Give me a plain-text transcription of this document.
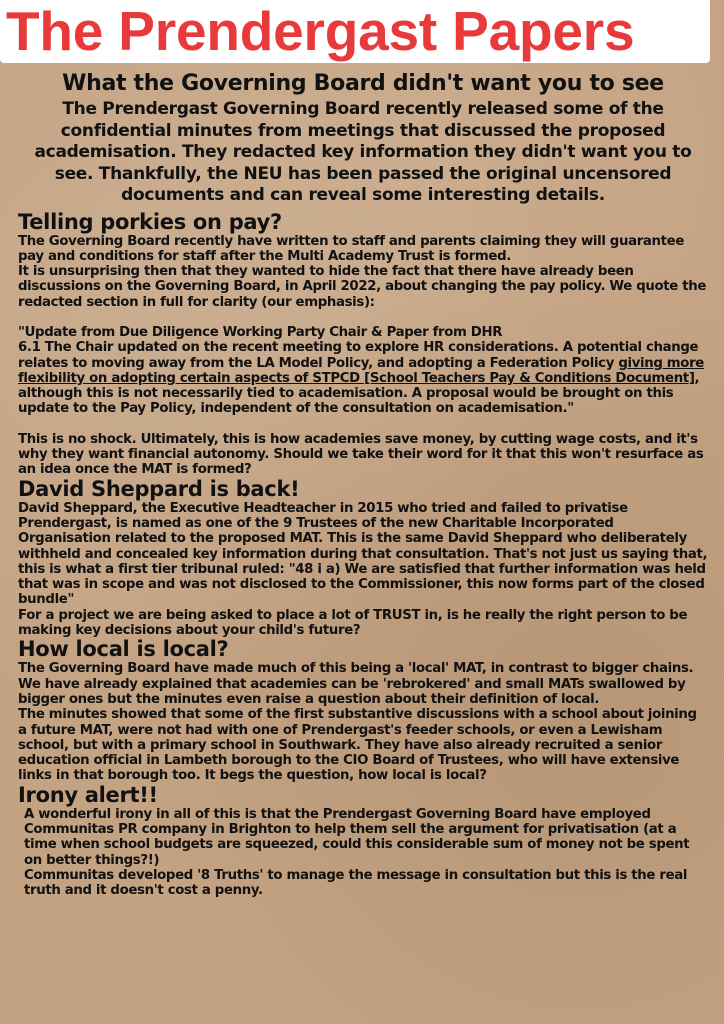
The Prendergast Papers
What the Governing Board didn't want you to see
The Prendergast Governing Board recently released some of the confidential minutes from meetings that discussed the proposed academisation. They redacted key information they didn't want you to see. Thankfully, the NEU has been passed the original uncensored documents and can reveal some interesting details.
Telling porkies on pay?

The Governing Board recently have written to staff and parents claiming they will guarantee pay and conditions for staff after the Multi Academy Trust is formed.

It is unsurprising then that they wanted to hide the fact that there have already been discussions on the Governing Board, in April 2022, about changing the pay policy. We quote the redacted section in full for clarity (our emphasis):

"Update from Due Diligence Working Party Chair & Paper from DHR

6.1 The Chair updated on the recent meeting to explore HR considerations. A potential change relates to moving away from the LA Model Policy, and adopting a Federation Policy giving more flexibility on adopting certain aspects of STPCD [School Teachers Pay & Conditions Document], although this is not necessarily tied to academisation. A proposal would be brought on this update to the Pay Policy, independent of the consultation on academisation."

This is no shock. Ultimately, this is how academies save money, by cutting wage costs, and it's why they want financial autonomy. Should we take their word for it that this won't resurface as an idea once the MAT is formed?

David Sheppard is back!

David Sheppard, the Executive Headteacher in 2015 who tried and failed to privatise Prendergast, is named as one of the 9 Trustees of the new Charitable Incorporated Organisation related to the proposed MAT. This is the same David Sheppard who deliberately withheld and concealed key information during that consultation. That's not just us saying that, this is what a first tier tribunal ruled: "48 i a) We are satisfied that further information was held that was in scope and was not disclosed to the Commissioner, this now forms part of the closed bundle"

For a project we are being asked to place a lot of TRUST in, is he really the right person to be making key decisions about your child's future?

How local is local?

The Governing Board have made much of this being a 'local' MAT, in contrast to bigger chains. We have already explained that academies can be 'rebrokered' and small MATs swallowed by bigger ones but the minutes even raise a question about their definition of local.

The minutes showed that some of the first substantive discussions with a school about joining a future MAT, were not had with one of Prendergast's feeder schools, or even a Lewisham school, but with a primary school in Southwark. They have also already recruited a senior education official in Lambeth borough to the CIO Board of Trustees, who will have extensive links in that borough too. It begs the question, how local is local?

Irony alert!!

A wonderful irony in all of this is that the Prendergast Governing Board have employed Communitas PR company in Brighton to help them sell the argument for privatisation (at a time when school budgets are squeezed, could this considerable sum of money not be spent on better things?!)

Communitas developed '8 Truths' to manage the message in consultation but this is the real truth and it doesn't cost a penny.
